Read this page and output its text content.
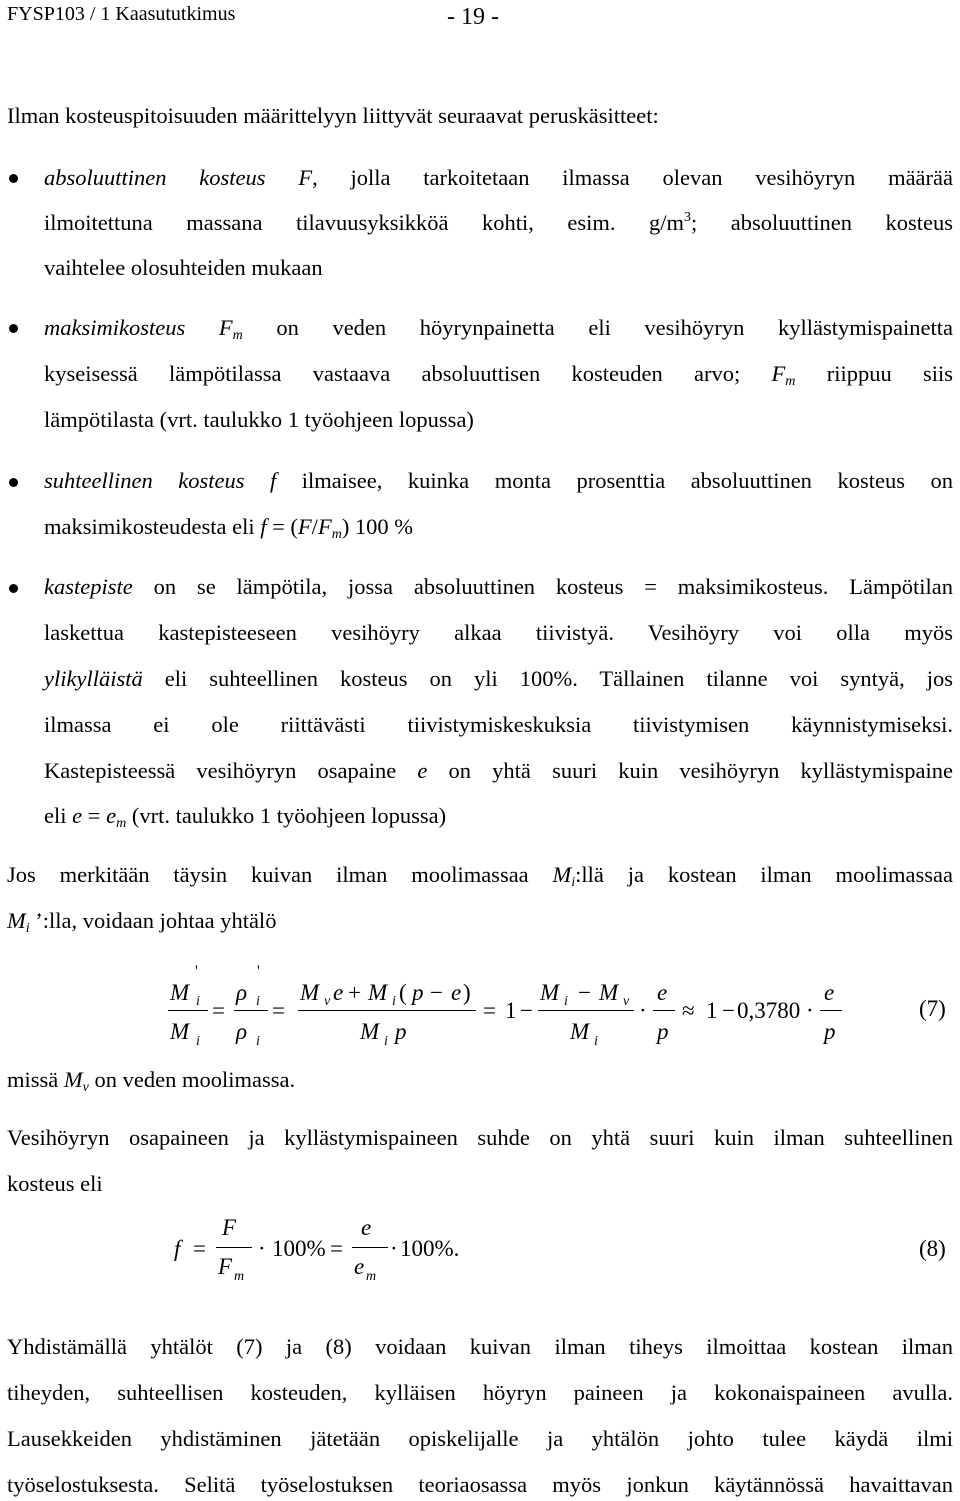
FYSP103 / 1 Kaasututkimus	- 19 -
Ilman kosteuspitoisuuden määrittelyyn liittyvät seuraavat peruskäsitteet:
absoluuttinen kosteus F, jolla tarkoitetaan ilmassa olevan vesihöyryn määrää
ilmoitettuna massana tilavuusyksikköä kohti, esim. $g/m^3$; absoluuttinen kosteus
vaihtelee olosuhteiden mukaan
maksimikosteus $F_m$ on veden höyrynpainetta eli vesihöyryn kyllästymispainetta
kyseisessä lämpötilassa vastaava absoluuttisen kosteuden arvo; $F_m$ riippuu siis
lämpötilasta (vrt. taulukko 1 työohjeen lopussa)
suhteellinen kosteus f ilmaisee, kuinka monta prosenttia absoluuttinen kosteus on
maksimikosteudesta eli $f = (F/F_m)$ 100 %
kastepiste on se lämpötila, jossa absoluuttinen kosteus = maksimikosteus. Lämpötilan
laskettua kastepisteeseen vesihöyry alkaa tiivistyä. Vesihöyry voi olla myös
ylikylläistä eli suhteellinen kosteus on yli 100%. Tällainen tilanne voi syntyä, jos
ilmassa ei ole riittävästi tiivistymiskeskuksia tiivistymisen käynnistymiseksi.
Kastepisteessä vesihöyryn osapaine e on yhtä suuri kuin vesihöyryn kyllästymispaine
eli $e = e_m$ (vrt. taulukko 1 työohjeen lopussa)
Jos merkitään täysin kuivan ilman moolimassaa $M_i:llä$ ja kostean ilman moolimassaa
$M_i$ ’:lla, voidaan johtaa yhtälö
M
'
i
M i
=
ρ
'
i
ρ i
=
M v e + M i ( p − e )
M i p
= 1 −
M i − M v
M i
·
e
p
≈ 1 − 0,3780 ·
e
p
(7)
missä $M_v$ on veden moolimassa.
Vesihöyryn osapaineen ja kyllästymispaineen suhde on yhtä suuri kuin ilman suhteellinen
kosteus eli
f =
F
F m
· 100% =
e
e m
· 100%.	(8)
Yhdistämällä yhtälöt (7) ja (8) voidaan kuivan ilman tiheys ilmoittaa kostean ilman
tiheyden, suhteellisen kosteuden, kylläisen höyryn paineen ja kokonaispaineen avulla.
Lausekkeiden yhdistäminen jätetään opiskelijalle ja yhtälön johto tulee käydä ilmi
työselostuksesta. Selitä työselostuksen teoriaosassa myös jonkun käytännössä havaittavan
